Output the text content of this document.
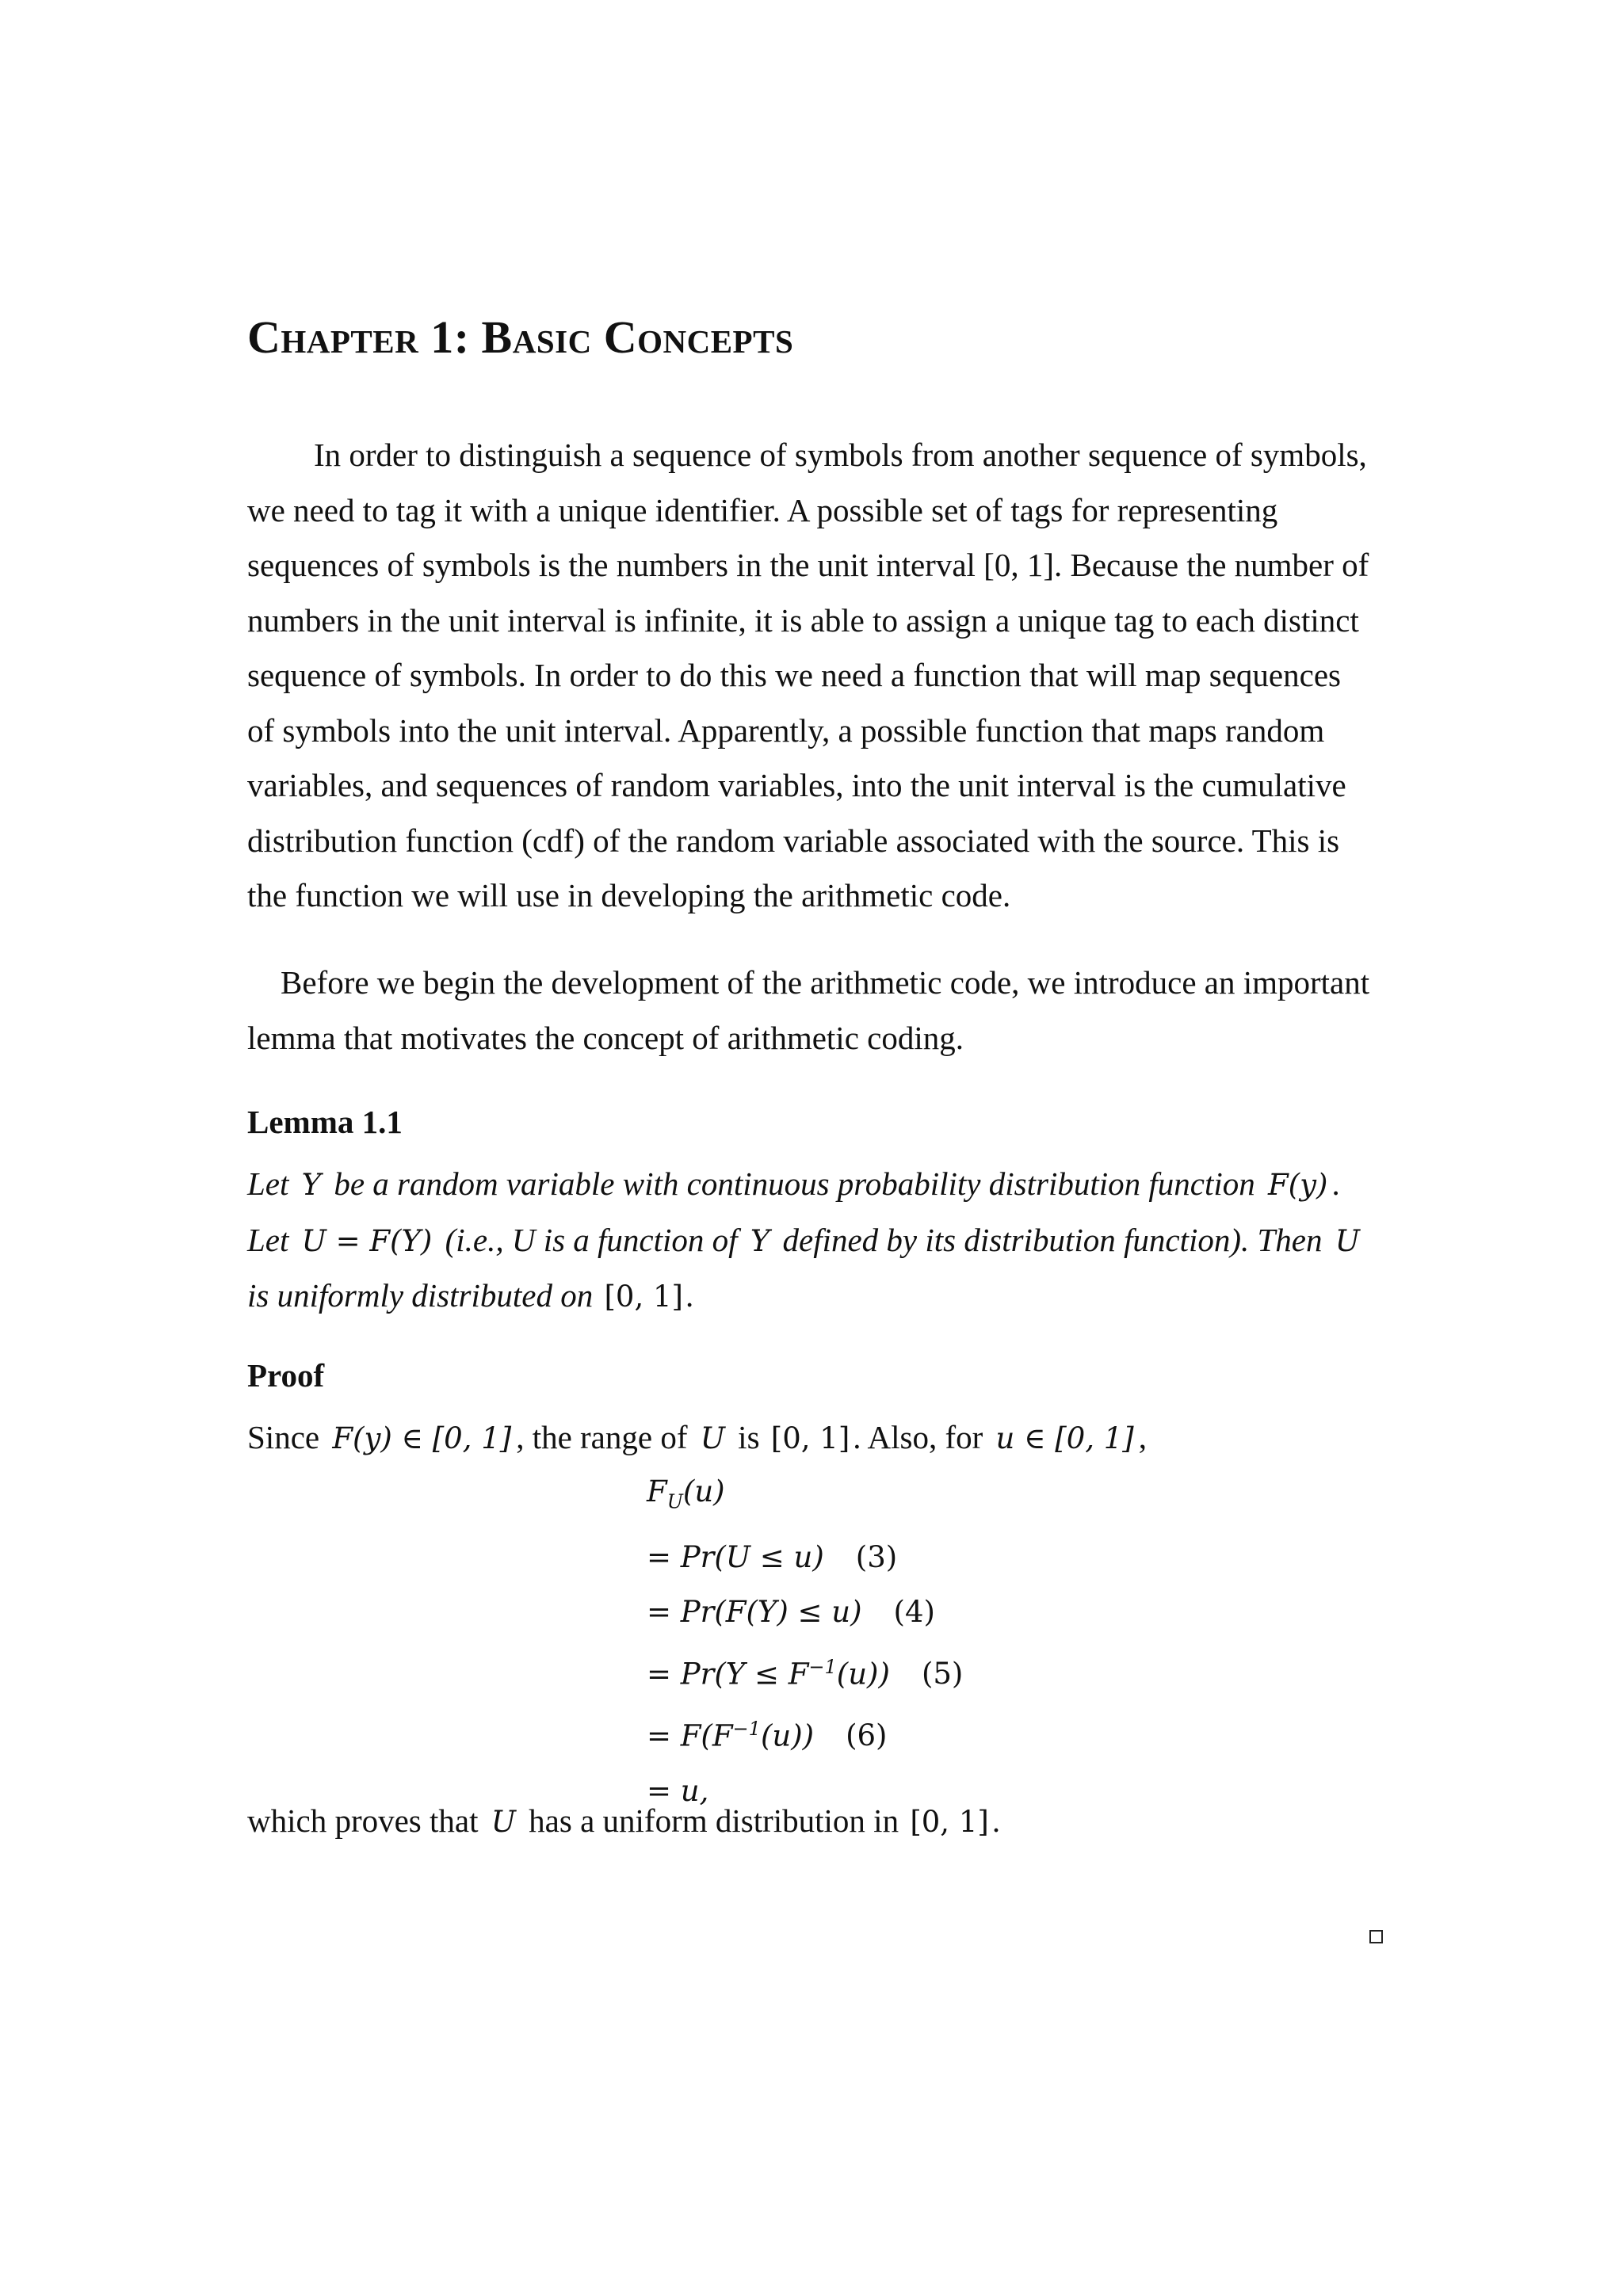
Chapter 1: Basic Concepts

In order to distinguish a sequence of symbols from another sequence of symbols,
we need to tag it with a unique identifier. A possible set of tags for representing
sequences of symbols is the numbers in the unit interval [0, 1]. Because the number of
numbers in the unit interval is infinite, it is able to assign a unique tag to each distinct
sequence of symbols. In order to do this we need a function that will map sequences
of symbols into the unit interval. Apparently, a possible function that maps random
variables, and sequences of random variables, into the unit interval is the cumulative
distribution function (cdf) of the random variable associated with the source. This is
the function we will use in developing the arithmetic code.

Before we begin the development of the arithmetic code, we introduce an important
lemma that motivates the concept of arithmetic coding.

Lemma 1.1
Let Y be a random variable with continuous probability distribution function F(y) .
Let U = F(Y) (i.e., U is a function of Y defined by its distribution function). Then U
is uniformly distributed on [0, 1].
Proof

Since F(y) ∈ [0, 1] , the range of U is [0, 1]. Also, for u ∈ [0, 1] ,

$F_U(u)$
= Pr(U ≤ u) (3)
= Pr(F(Y) ≤ u) (4)
= $Pr(Y \le F^{-1}(u))$ (5)
= $F(F^{-1}(u))$ (6)
= u,

which proves that U has a uniform distribution in [0, 1].
